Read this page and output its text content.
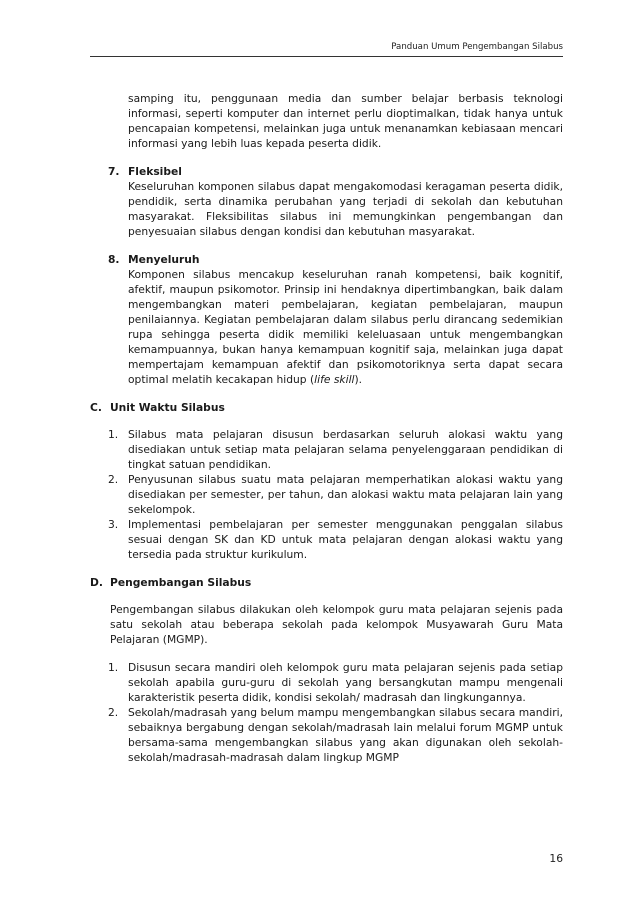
Panduan Umum Pengembangan Silabus

samping itu, penggunaan media dan sumber belajar berbasis teknologi informasi, seperti komputer dan internet perlu dioptimalkan, tidak hanya untuk pencapaian kompetensi, melainkan juga untuk menanamkan kebiasaan mencari informasi yang lebih luas kepada peserta didik.

7. Fleksibel
Keseluruhan komponen silabus dapat mengakomodasi keragaman peserta didik, pendidik, serta dinamika perubahan yang terjadi di sekolah dan kebutuhan masyarakat. Fleksibilitas silabus ini memungkinkan pengembangan dan penyesuaian silabus dengan kondisi dan kebutuhan masyarakat.
8. Menyeluruh
Komponen silabus mencakup keseluruhan ranah kompetensi, baik kognitif, afektif, maupun psikomotor. Prinsip ini hendaknya dipertimbangkan, baik dalam mengembangkan materi pembelajaran, kegiatan pembelajaran, maupun penilaiannya. Kegiatan pembelajaran dalam silabus perlu dirancang sedemikian rupa sehingga peserta didik memiliki keleluasaan untuk mengembangkan kemampuannya, bukan hanya kemampuan kognitif saja, melainkan juga dapat mempertajam kemampuan afektif dan psikomotoriknya serta dapat secara optimal melatih kecakapan hidup (life skill).
C. Unit Waktu Silabus
1. Silabus mata pelajaran disusun berdasarkan seluruh alokasi waktu yang disediakan untuk setiap mata pelajaran selama penyelenggaraan pendidikan di tingkat satuan pendidikan.
2. Penyusunan silabus suatu mata pelajaran memperhatikan alokasi waktu yang disediakan per semester, per tahun, dan alokasi waktu mata pelajaran lain yang sekelompok.
3. Implementasi pembelajaran per semester menggunakan penggalan silabus sesuai dengan SK dan KD untuk mata pelajaran dengan alokasi waktu yang tersedia pada struktur kurikulum.
D. Pengembangan Silabus

Pengembangan silabus dilakukan oleh kelompok guru mata pelajaran sejenis pada satu sekolah atau beberapa sekolah pada kelompok Musyawarah Guru Mata Pelajaran (MGMP).

1. Disusun secara mandiri oleh kelompok guru mata pelajaran sejenis pada setiap sekolah apabila guru-guru di sekolah yang bersangkutan mampu mengenali karakteristik peserta didik, kondisi sekolah/ madrasah dan lingkungannya.
2. Sekolah/madrasah yang belum mampu mengembangkan silabus secara mandiri, sebaiknya bergabung dengan sekolah/madrasah lain melalui forum MGMP untuk bersama-sama mengembangkan silabus yang akan digunakan oleh sekolah-sekolah/madrasah-madrasah dalam lingkup MGMP
16
